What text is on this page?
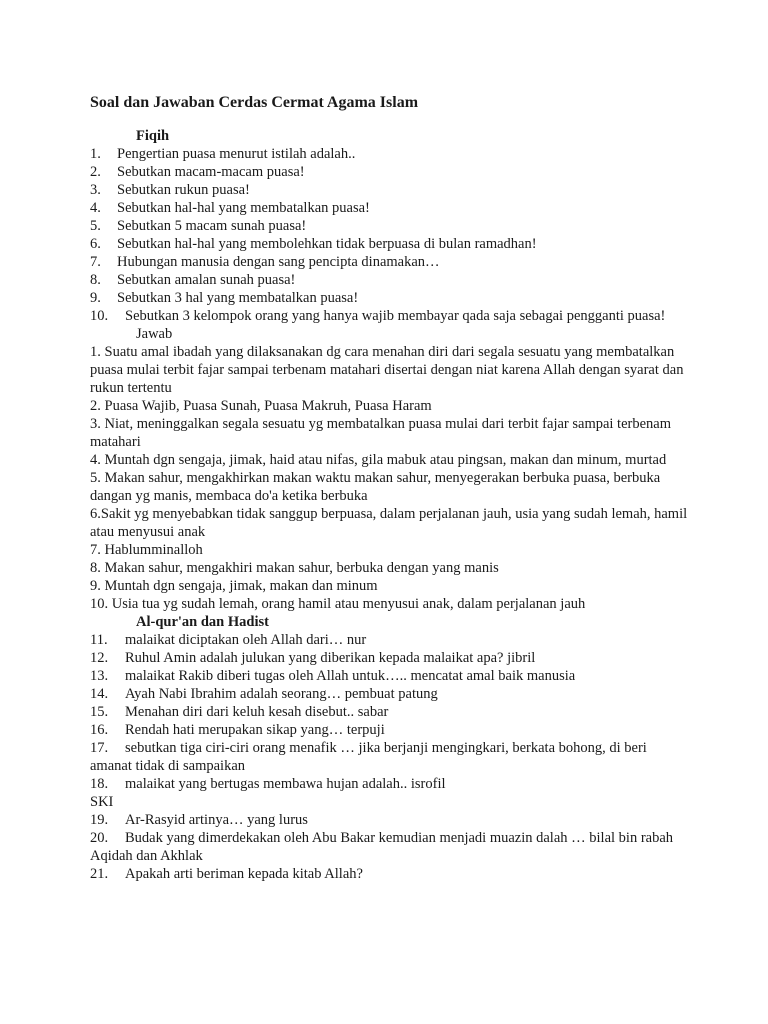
Soal dan Jawaban Cerdas Cermat Agama Islam
Fiqih
1.	Pengertian puasa menurut istilah adalah..
2.	Sebutkan macam-macam puasa!
3.	Sebutkan rukun puasa!
4.	Sebutkan hal-hal yang membatalkan puasa!
5.	Sebutkan 5 macam sunah puasa!
6.	Sebutkan hal-hal yang membolehkan tidak berpuasa di bulan ramadhan!
7.	Hubungan manusia dengan sang pencipta dinamakan…
8.	Sebutkan amalan sunah puasa!
9.	Sebutkan 3 hal yang membatalkan puasa!
10. Sebutkan 3 kelompok orang yang hanya wajib membayar qada saja sebagai pengganti puasa!
Jawab
1. Suatu amal ibadah yang dilaksanakan dg cara menahan diri dari segala sesuatu yang membatalkan puasa mulai terbit fajar sampai terbenam matahari disertai dengan niat karena Allah dengan syarat dan rukun tertentu
2. Puasa Wajib, Puasa Sunah, Puasa Makruh, Puasa Haram
3. Niat, meninggalkan segala sesuatu yg membatalkan puasa mulai dari terbit fajar sampai terbenam matahari
4. Muntah dgn sengaja, jimak, haid atau nifas, gila mabuk atau pingsan, makan dan minum, murtad
5. Makan sahur, mengakhirkan makan waktu makan sahur, menyegerakan berbuka puasa, berbuka dangan yg manis, membaca do'a ketika berbuka
6.Sakit yg menyebabkan tidak sanggup berpuasa, dalam perjalanan jauh, usia yang sudah lemah, hamil atau menyusui anak
7. Hablumminalloh
8. Makan sahur, mengakhiri makan sahur, berbuka dengan yang manis
9. Muntah dgn sengaja, jimak, makan dan minum
10. Usia tua yg sudah lemah, orang hamil atau menyusui anak, dalam perjalanan jauh
Al-qur'an dan Hadist
11.	malaikat diciptakan oleh Allah dari… nur
12.	Ruhul Amin adalah julukan yang diberikan kepada malaikat apa? jibril
13.	malaikat Rakib diberi tugas oleh Allah untuk….. mencatat amal baik manusia
14.	Ayah Nabi Ibrahim adalah seorang… pembuat patung
15.	Menahan diri dari keluh kesah disebut.. sabar
16.	Rendah hati merupakan sikap yang… terpuji
17. sebutkan tiga ciri-ciri orang menafik … jika berjanji mengingkari, berkata bohong, di beri amanat tidak di sampaikan
18.	malaikat yang bertugas membawa hujan adalah.. isrofil
SKI
19.	Ar-Rasyid artinya… yang lurus
20. Budak yang dimerdekakan oleh Abu Bakar kemudian menjadi muazin dalah … bilal bin rabah
Aqidah dan Akhlak
21.	Apakah arti beriman kepada kitab Allah?
